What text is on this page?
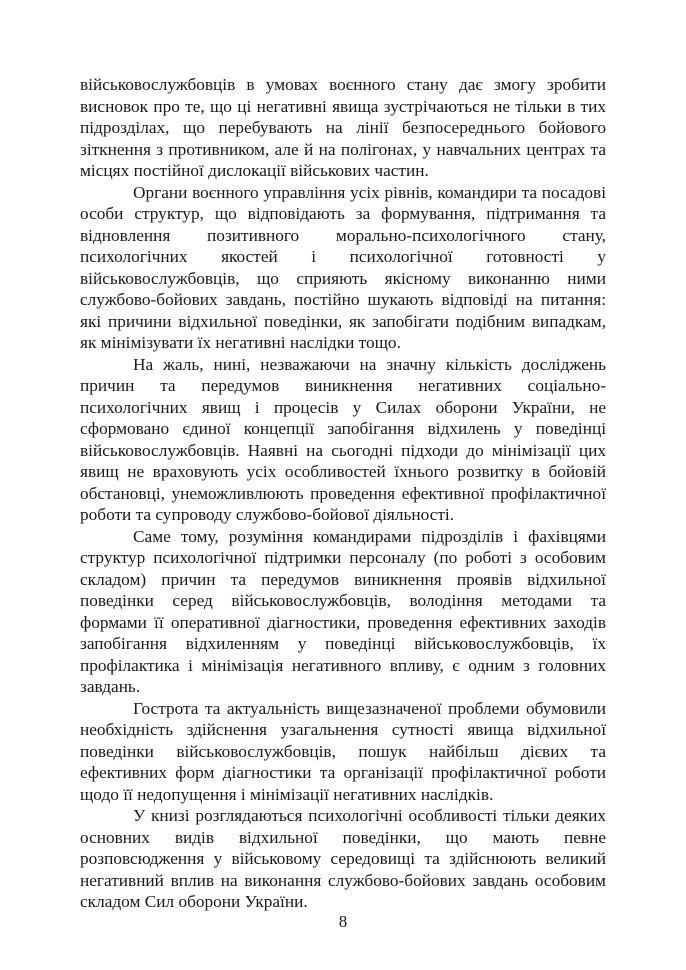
військовослужбовців в умовах воєнного стану дає змогу зробити висновок про те, що ці негативні явища зустрічаються не тільки в тих підрозділах, що перебувають на лінії безпосереднього бойового зіткнення з противником, але й на полігонах, у навчальних центрах та місцях постійної дислокації військових частин.

Органи воєнного управління усіх рівнів, командири та посадові особи структур, що відповідають за формування, підтримання та відновлення позитивного морально-психологічного стану, психологічних якостей і психологічної готовності у військовослужбовців, що сприяють якісному виконанню ними службово-бойових завдань, постійно шукають відповіді на питання: які причини відхильної поведінки, як запобігати подібним випадкам, як мінімізувати їх негативні наслідки тощо.

На жаль, нині, незважаючи на значну кількість досліджень причин та передумов виникнення негативних соціально-психологічних явищ і процесів у Силах оборони України, не сформовано єдиної концепції запобігання відхилень у поведінці військовослужбовців. Наявні на сьогодні підходи до мінімізації цих явищ не враховують усіх особливостей їхнього розвитку в бойовій обстановці, унеможливлюють проведення ефективної профілактичної роботи та супроводу службово-бойової діяльності.

Саме тому, розуміння командирами підрозділів і фахівцями структур психологічної підтримки персоналу (по роботі з особовим складом) причин та передумов виникнення проявів відхильної поведінки серед військовослужбовців, володіння методами та формами її оперативної діагностики, проведення ефективних заходів запобігання відхиленням у поведінці військовослужбовців, їх профілактика і мінімізація негативного впливу, є одним з головних завдань.

Гострота та актуальність вищезазначеної проблеми обумовили необхідність здійснення узагальнення сутності явища відхильної поведінки військовослужбовців, пошук найбільш дієвих та ефективних форм діагностики та організації профілактичної роботи щодо її недопущення і мінімізації негативних наслідків.

У книзі розглядаються психологічні особливості тільки деяких основних видів відхильної поведінки, що мають певне розповсюдження у військовому середовищі та здійснюють великий негативний вплив на виконання службово-бойових завдань особовим складом Сил оборони України.

8
